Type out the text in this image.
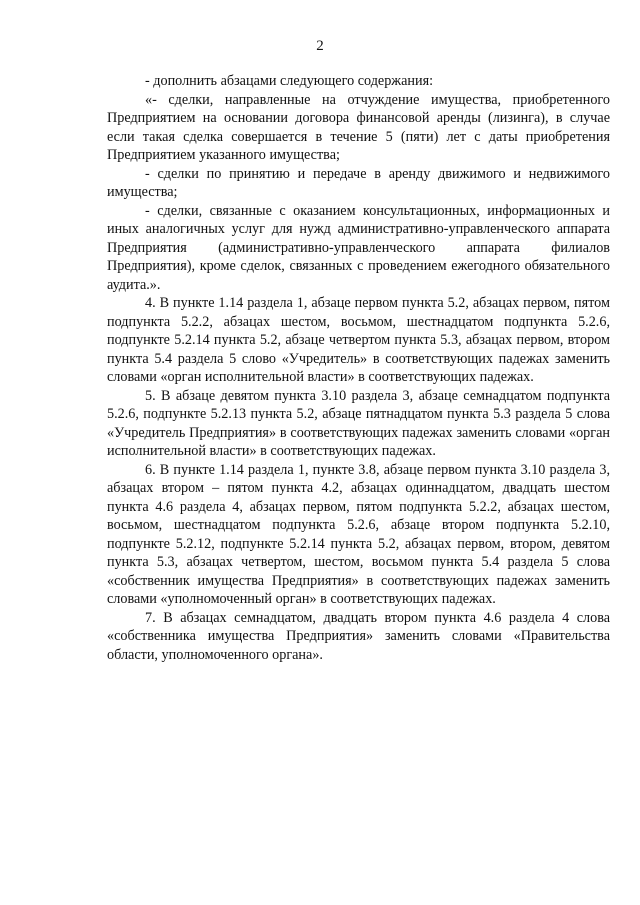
2

- дополнить абзацами следующего содержания:

«- сделки, направленные на отчуждение имущества, приобретенного Предприятием на основании договора финансовой аренды (лизинга), в случае если такая сделка совершается в течение 5 (пяти) лет с даты приобретения Предприятием указанного имущества;

- сделки по принятию и передаче в аренду движимого и недвижимого имущества;

- сделки, связанные с оказанием консультационных, информационных и иных аналогичных услуг для нужд административно-управленческого аппарата Предприятия (административно-управленческого аппарата филиалов Предприятия), кроме сделок, связанных с проведением ежегодного обязательного аудита.».

4. В пункте 1.14 раздела 1, абзаце первом пункта 5.2, абзацах первом, пятом подпункта 5.2.2, абзацах шестом, восьмом, шестнадцатом подпункта 5.2.6, подпункте 5.2.14 пункта 5.2, абзаце четвертом пункта 5.3, абзацах первом, втором пункта 5.4 раздела 5 слово «Учредитель» в соответствующих падежах заменить словами «орган исполнительной власти» в соответствующих падежах.

5. В абзаце девятом пункта 3.10 раздела 3, абзаце семнадцатом подпункта 5.2.6, подпункте 5.2.13 пункта 5.2, абзаце пятнадцатом пункта 5.3 раздела 5 слова «Учредитель Предприятия» в соответствующих падежах заменить словами «орган исполнительной власти» в соответствующих падежах.

6. В пункте 1.14 раздела 1, пункте 3.8, абзаце первом пункта 3.10 раздела 3, абзацах втором – пятом пункта 4.2, абзацах одиннадцатом, двадцать шестом пункта 4.6 раздела 4, абзацах первом, пятом подпункта 5.2.2, абзацах шестом, восьмом, шестнадцатом подпункта 5.2.6, абзаце втором подпункта 5.2.10, подпункте 5.2.12, подпункте 5.2.14 пункта 5.2, абзацах первом, втором, девятом пункта 5.3, абзацах четвертом, шестом, восьмом пункта 5.4 раздела 5 слова «собственник имущества Предприятия» в соответствующих падежах заменить словами «уполномоченный орган» в соответствующих падежах.

7. В абзацах семнадцатом, двадцать втором пункта 4.6 раздела 4 слова «собственника имущества Предприятия» заменить словами «Правительства области, уполномоченного органа».
